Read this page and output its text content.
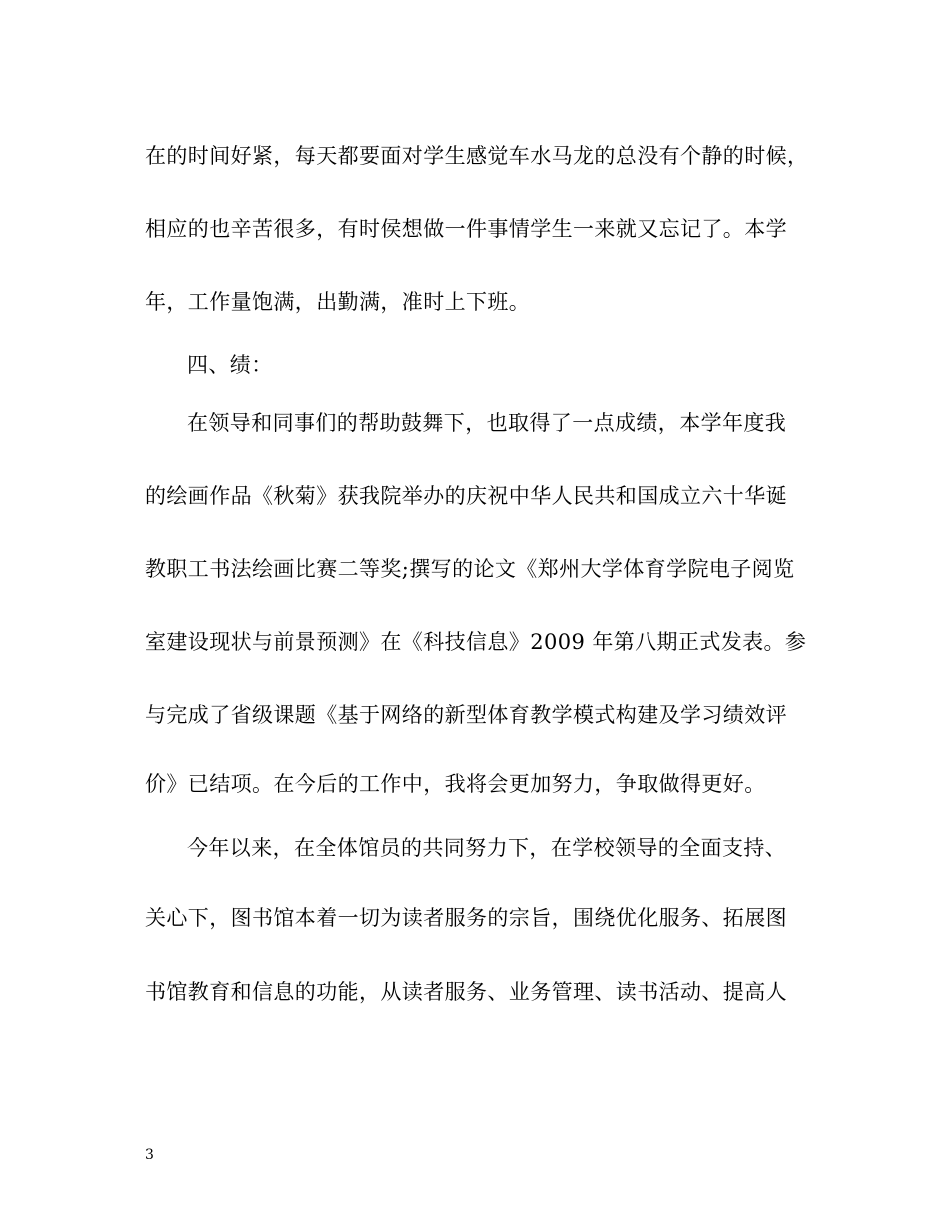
在的时间好紧，每天都要面对学生感觉车水马龙的总没有个静的时候，
相应的也辛苦很多，有时侯想做一件事情学生一来就又忘记了。本学
年，工作量饱满，出勤满，准时上下班。
四、绩：
在领导和同事们的帮助鼓舞下，也取得了一点成绩，本学年度我
的绘画作品《秋菊》获我院举办的庆祝中华人民共和国成立六十华诞
教职工书法绘画比赛二等奖;撰写的论文《郑州大学体育学院电子阅览
室建设现状与前景预测》在《科技信息》2009 年第八期正式发表。参
与完成了省级课题《基于网络的新型体育教学模式构建及学习绩效评
价》已结项。在今后的工作中，我将会更加努力，争取做得更好。
今年以来，在全体馆员的共同努力下，在学校领导的全面支持、
关心下，图书馆本着一切为读者服务的宗旨，围绕优化服务、拓展图
书馆教育和信息的功能，从读者服务、业务管理、读书活动、提高人
3
